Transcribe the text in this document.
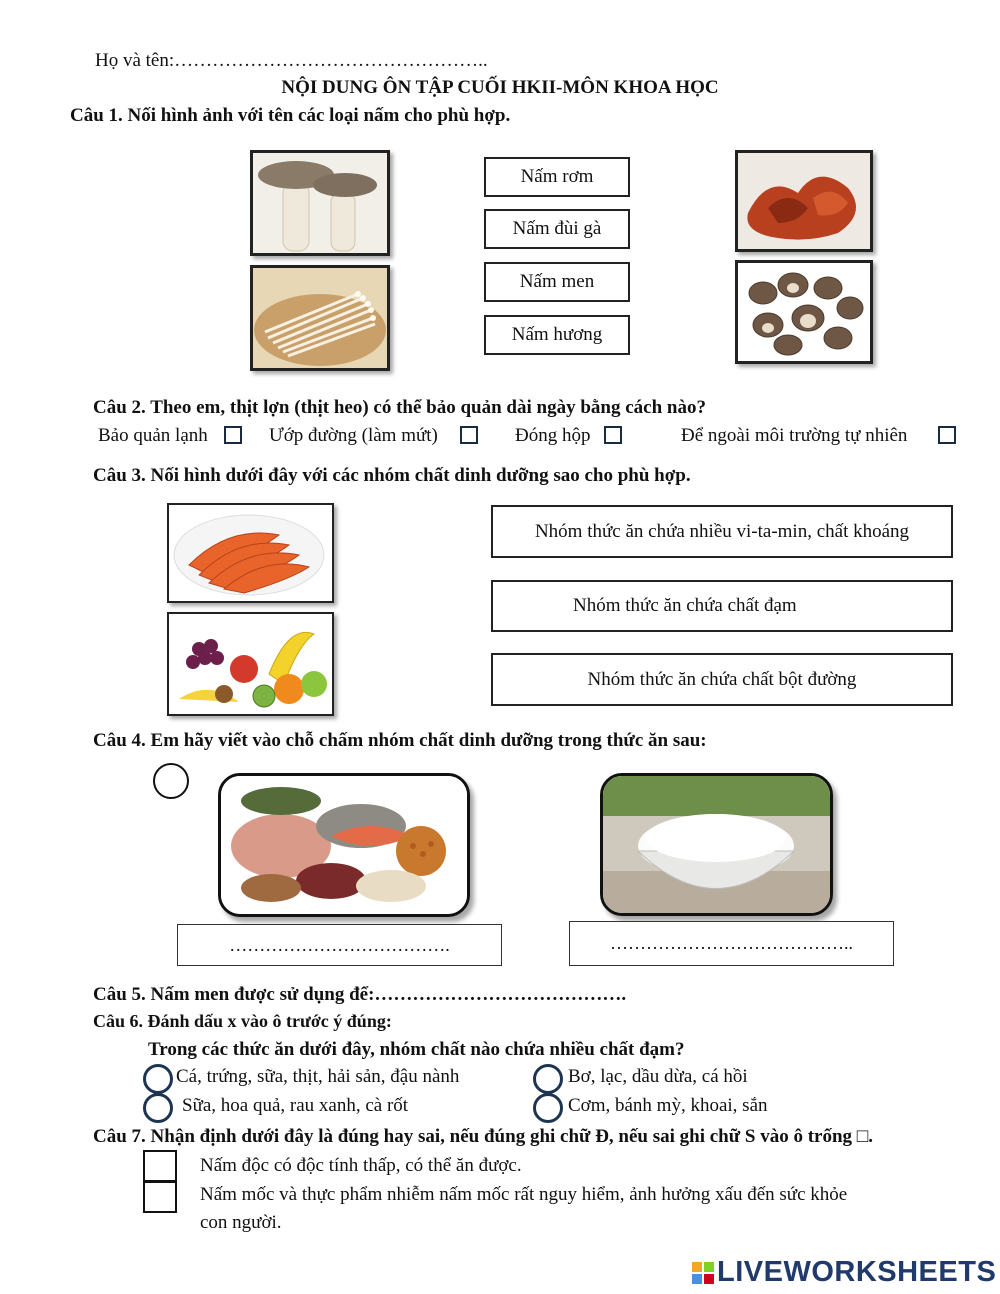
Họ và tên:…………………………………………..
NỘI DUNG ÔN TẬP CUỐI HKII-MÔN KHOA HỌC
Câu 1. Nối hình ảnh với tên các loại nấm cho phù hợp.
Nấm rơm
Nấm đùi gà
Nấm men
Nấm hương
Câu 2. Theo em, thịt lợn (thịt heo) có thể bảo quản dài ngày bằng cách nào?
Bảo quản lạnh	Ướp đường (làm mứt)	Đóng hộp	Để ngoài môi trường tự nhiên
Câu 3. Nối hình dưới đây với các nhóm chất dinh dưỡng sao cho phù hợp.
Nhóm thức ăn chứa nhiều vi-ta-min, chất khoáng
Nhóm thức ăn chứa chất đạm
Nhóm thức ăn chứa chất bột đường
Câu 4. Em hãy viết vào chỗ chấm nhóm chất dinh dưỡng trong thức ăn sau:
……………………………….	…………………………………..
Câu 5. Nấm men được sử dụng để:………………………………….
Câu 6. Đánh dấu x vào ô trước ý đúng:
Trong các thức ăn dưới đây, nhóm chất nào chứa nhiều chất đạm?
Cá, trứng, sữa, thịt, hải sản, đậu nành	Bơ, lạc, dầu dừa, cá hồi
Sữa, hoa quả, rau xanh, cà rốt	Cơm, bánh mỳ, khoai, sắn
Câu 7. Nhận định dưới đây là đúng hay sai, nếu đúng ghi chữ Đ, nếu sai ghi chữ S vào ô trống □.
Nấm độc có độc tính thấp, có thể ăn được.
Nấm mốc và thực phẩm nhiễm nấm mốc rất nguy hiểm, ảnh hưởng xấu đến sức khỏe
con người.
LIVEWORKSHEETS
